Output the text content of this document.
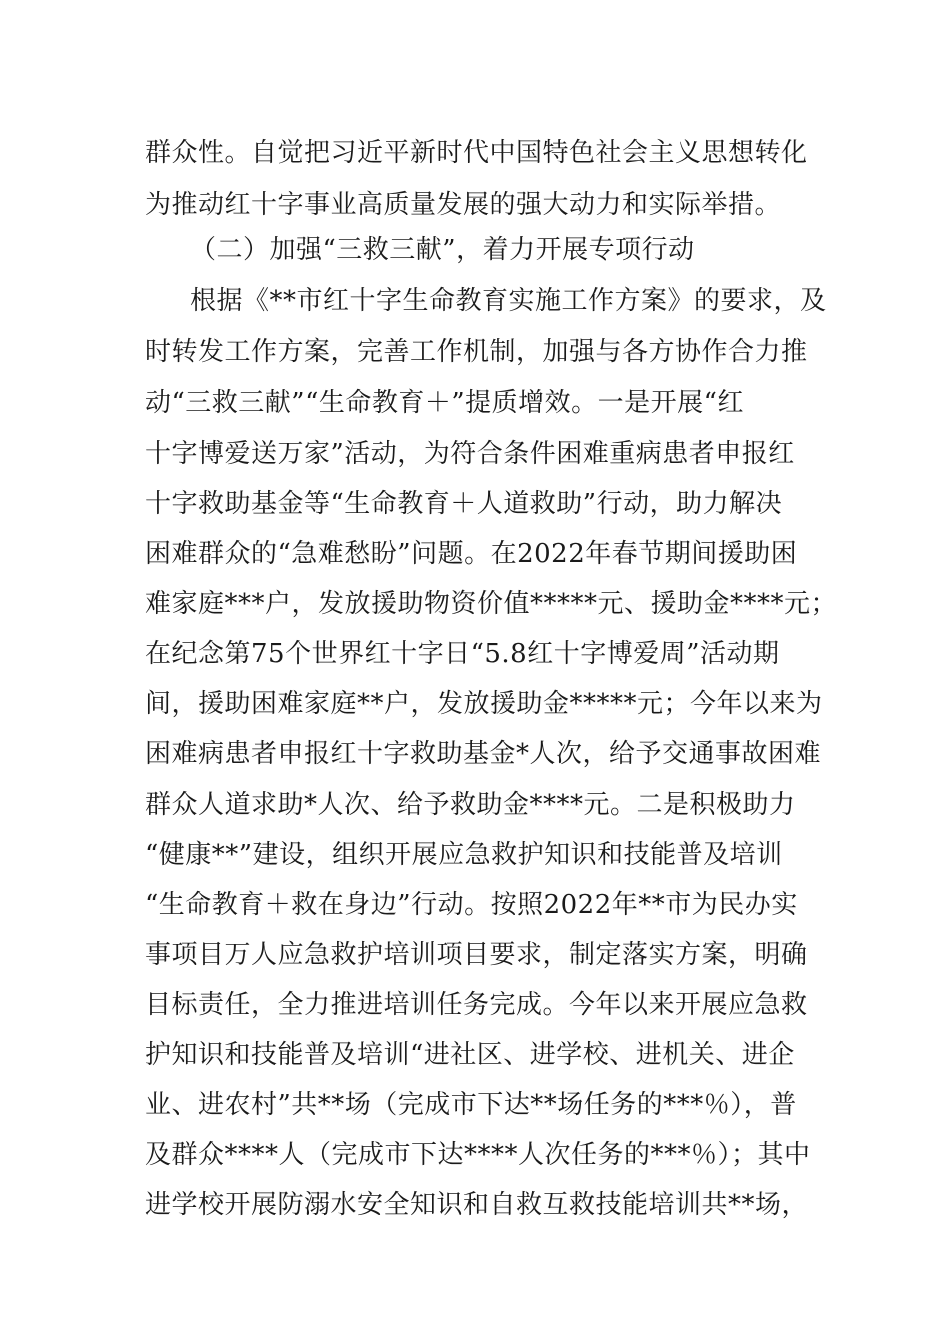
群众性。自觉把习近平新时代中国特色社会主义思想转化
为推动红十字事业高质量发展的强大动力和实际举措。
（二）加强“三救三献”，着力开展专项行动
根据《**市红十字生命教育实施工作方案》的要求，及
时转发工作方案，完善工作机制，加强与各方协作合力推
动“三救三献”“生命教育＋”提质增效。一是开展“红
十字博爱送万家”活动，为符合条件困难重病患者申报红
十字救助基金等“生命教育＋人道救助”行动，助力解决
困难群众的“急难愁盼”问题。在2022年春节期间援助困
难家庭***户，发放援助物资价值*****元、援助金****元；
在纪念第75个世界红十字日“5.8红十字博爱周”活动期
间，援助困难家庭**户，发放援助金*****元；今年以来为
困难病患者申报红十字救助基金*人次，给予交通事故困难
群众人道求助*人次、给予救助金****元。二是积极助力
“健康**”建设，组织开展应急救护知识和技能普及培训
“生命教育＋救在身边”行动。按照2022年**市为民办实
事项目万人应急救护培训项目要求，制定落实方案，明确
目标责任，全力推进培训任务完成。今年以来开展应急救
护知识和技能普及培训“进社区、进学校、进机关、进企
业、进农村”共**场（完成市下达**场任务的***％），普
及群众****人（完成市下达****人次任务的***％）；其中
进学校开展防溺水安全知识和自救互救技能培训共**场，
